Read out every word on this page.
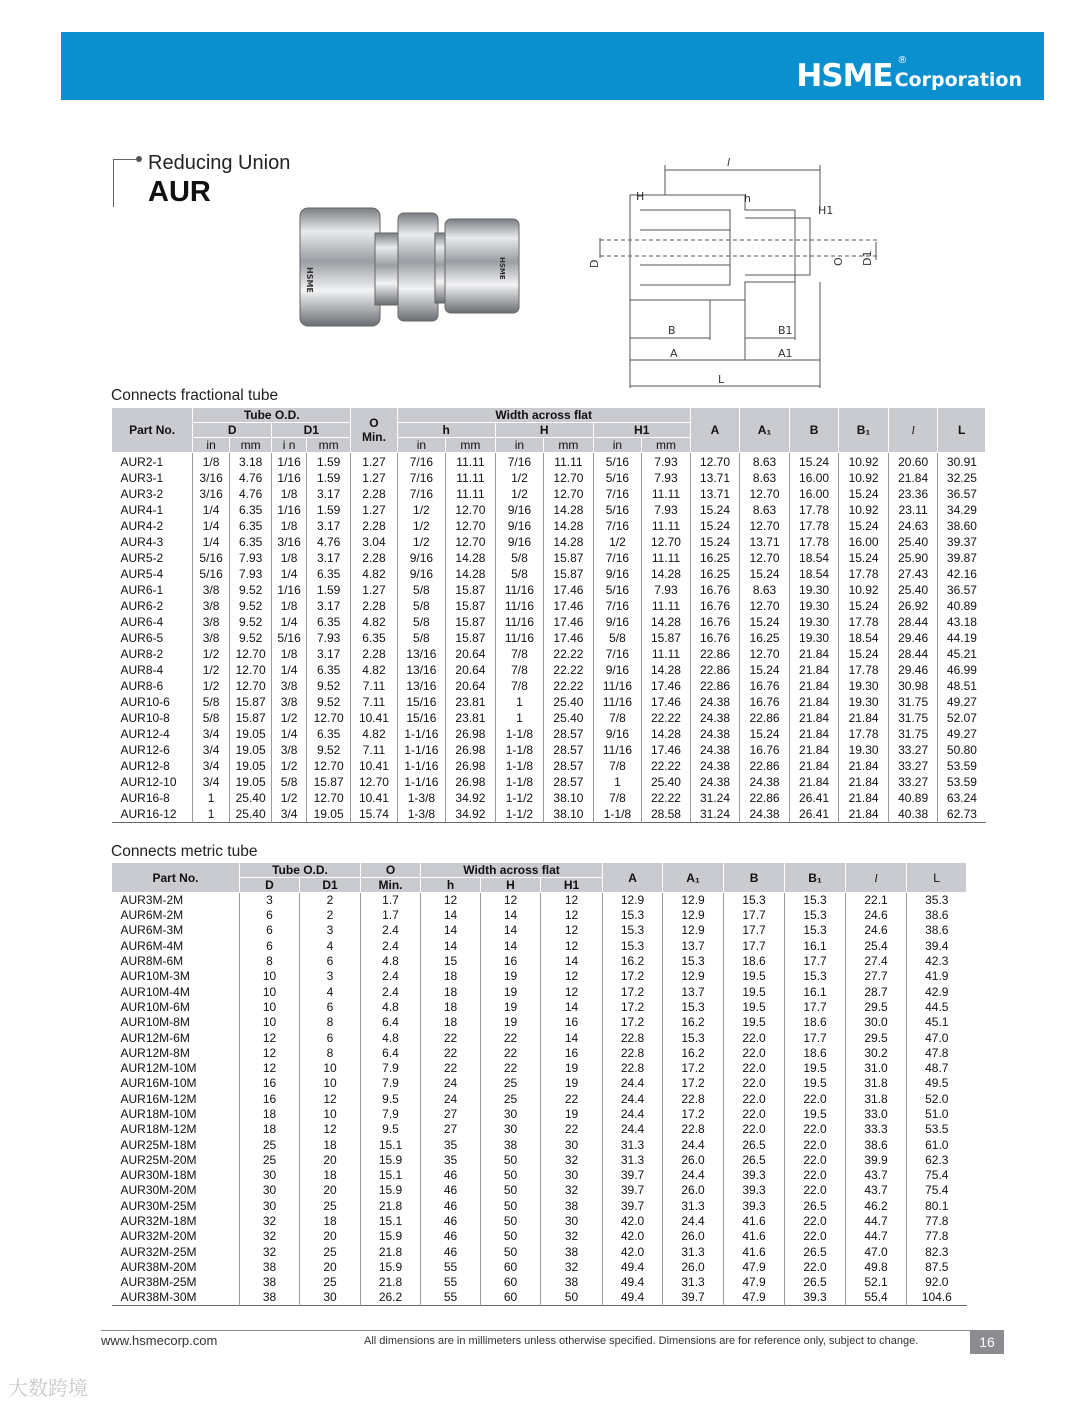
HSME ®
Corporation
Reducing Union
AUR
HSME	HSME
l
H	h
H1
D	O D1
B	B1
A	A1
L
Connects fractional tube
Part No.	Tube O.D.				O
Min.	Width across flat						A	A₁	B	B₁	l	L
	D		D1			h		H		H1							
	in	mm	i n	mm		in	mm	in	mm	in	mm						
AUR2-1	1/8	3.18	1/16	1.59	1.27	7/16	11.11	7/16	11.11	5/16	7.93	12.70	8.63	15.24	10.92	20.60	30.91
AUR3-1	3/16	4.76	1/16	1.59	1.27	7/16	11.11	1/2	12.70	5/16	7.93	13.71	8.63	16.00	10.92	21.84	32.25
AUR3-2	3/16	4.76	1/8	3.17	2.28	7/16	11.11	1/2	12.70	7/16	11.11	13.71	12.70	16.00	15.24	23.36	36.57
AUR4-1	1/4	6.35	1/16	1.59	1.27	1/2	12.70	9/16	14.28	5/16	7.93	15.24	8.63	17.78	10.92	23.11	34.29
AUR4-2	1/4	6.35	1/8	3.17	2.28	1/2	12.70	9/16	14.28	7/16	11.11	15.24	12.70	17.78	15.24	24.63	38.60
AUR4-3	1/4	6.35	3/16	4.76	3.04	1/2	12.70	9/16	14.28	1/2	12.70	15.24	13.71	17.78	16.00	25.40	39.37
AUR5-2	5/16	7.93	1/8	3.17	2.28	9/16	14.28	5/8	15.87	7/16	11.11	16.25	12.70	18.54	15.24	25.90	39.87
AUR5-4	5/16	7.93	1/4	6.35	4.82	9/16	14.28	5/8	15.87	9/16	14.28	16.25	15.24	18.54	17.78	27.43	42.16
AUR6-1	3/8	9.52	1/16	1.59	1.27	5/8	15.87	11/16	17.46	5/16	7.93	16.76	8.63	19.30	10.92	25.40	36.57
AUR6-2	3/8	9.52	1/8	3.17	2.28	5/8	15.87	11/16	17.46	7/16	11.11	16.76	12.70	19.30	15.24	26.92	40.89
AUR6-4	3/8	9.52	1/4	6.35	4.82	5/8	15.87	11/16	17.46	9/16	14.28	16.76	15.24	19.30	17.78	28.44	43.18
AUR6-5	3/8	9.52	5/16	7.93	6.35	5/8	15.87	11/16	17.46	5/8	15.87	16.76	16.25	19.30	18.54	29.46	44.19
AUR8-2	1/2	12.70	1/8	3.17	2.28	13/16	20.64	7/8	22.22	7/16	11.11	22.86	12.70	21.84	15.24	28.44	45.21
AUR8-4	1/2	12.70	1/4	6.35	4.82	13/16	20.64	7/8	22.22	9/16	14.28	22.86	15.24	21.84	17.78	29.46	46.99
AUR8-6	1/2	12.70	3/8	9.52	7.11	13/16	20.64	7/8	22.22	11/16	17.46	22.86	16.76	21.84	19.30	30.98	48.51
AUR10-6	5/8	15.87	3/8	9.52	7.11	15/16	23.81	1	25.40	11/16	17.46	24.38	16.76	21.84	19.30	31.75	49.27
AUR10-8	5/8	15.87	1/2	12.70	10.41	15/16	23.81	1	25.40	7/8	22.22	24.38	22.86	21.84	21.84	31.75	52.07
AUR12-4	3/4	19.05	1/4	6.35	4.82	1-1/16	26.98	1-1/8	28.57	9/16	14.28	24.38	15.24	21.84	17.78	31.75	49.27
AUR12-6	3/4	19.05	3/8	9.52	7.11	1-1/16	26.98	1-1/8	28.57	11/16	17.46	24.38	16.76	21.84	19.30	33.27	50.80
AUR12-8	3/4	19.05	1/2	12.70	10.41	1-1/16	26.98	1-1/8	28.57	7/8	22.22	24.38	22.86	21.84	21.84	33.27	53.59
AUR12-10	3/4	19.05	5/8	15.87	12.70	1-1/16	26.98	1-1/8	28.57	1	25.40	24.38	24.38	21.84	21.84	33.27	53.59
AUR16-8	1	25.40	1/2	12.70	10.41	1-3/8	34.92	1-1/2	38.10	7/8	22.22	31.24	22.86	26.41	21.84	40.89	63.24
AUR16-12	1	25.40	3/4	19.05	15.74	1-3/8	34.92	1-1/2	38.10	1-1/8	28.58	31.24	24.38	26.41	21.84	40.38	62.73
Connects metric tube
Part No.	Tube O.D.		O	Width across flat			A	A₁	B	B₁	l	L
	D	D1	Min.	h	H	H1						
AUR3M-2M	3	2	1.7	12	12	12	12.9	12.9	15.3	15.3	22.1	35.3
AUR6M-2M	6	2	1.7	14	14	12	15.3	12.9	17.7	15.3	24.6	38.6
AUR6M-3M	6	3	2.4	14	14	12	15.3	12.9	17.7	15.3	24.6	38.6
AUR6M-4M	6	4	2.4	14	14	12	15.3	13.7	17.7	16.1	25.4	39.4
AUR8M-6M	8	6	4.8	15	16	14	16.2	15.3	18.6	17.7	27.4	42.3
AUR10M-3M	10	3	2.4	18	19	12	17.2	12.9	19.5	15.3	27.7	41.9
AUR10M-4M	10	4	2.4	18	19	12	17.2	13.7	19.5	16.1	28.7	42.9
AUR10M-6M	10	6	4.8	18	19	14	17.2	15.3	19.5	17.7	29.5	44.5
AUR10M-8M	10	8	6.4	18	19	16	17.2	16.2	19.5	18.6	30.0	45.1
AUR12M-6M	12	6	4.8	22	22	14	22.8	15.3	22.0	17.7	29.5	47.0
AUR12M-8M	12	8	6.4	22	22	16	22.8	16.2	22.0	18.6	30.2	47.8
AUR12M-10M	12	10	7.9	22	22	19	22.8	17.2	22.0	19.5	31.0	48.7
AUR16M-10M	16	10	7.9	24	25	19	24.4	17.2	22.0	19.5	31.8	49.5
AUR16M-12M	16	12	9.5	24	25	22	24.4	22.8	22.0	22.0	31.8	52.0
AUR18M-10M	18	10	7.9	27	30	19	24.4	17.2	22.0	19.5	33.0	51.0
AUR18M-12M	18	12	9.5	27	30	22	24.4	22.8	22.0	22.0	33.3	53.5
AUR25M-18M	25	18	15.1	35	38	30	31.3	24.4	26.5	22.0	38.6	61.0
AUR25M-20M	25	20	15.9	35	50	32	31.3	26.0	26.5	22.0	39.9	62.3
AUR30M-18M	30	18	15.1	46	50	30	39.7	24.4	39.3	22.0	43.7	75.4
AUR30M-20M	30	20	15.9	46	50	32	39.7	26.0	39.3	22.0	43.7	75.4
AUR30M-25M	30	25	21.8	46	50	38	39.7	31.3	39.3	26.5	46.2	80.1
AUR32M-18M	32	18	15.1	46	50	30	42.0	24.4	41.6	22.0	44.7	77.8
AUR32M-20M	32	20	15.9	46	50	32	42.0	26.0	41.6	22.0	44.7	77.8
AUR32M-25M	32	25	21.8	46	50	38	42.0	31.3	41.6	26.5	47.0	82.3
AUR38M-20M	38	20	15.9	55	60	32	49.4	26.0	47.9	22.0	49.8	87.5
AUR38M-25M	38	25	21.8	55	60	38	49.4	31.3	47.9	26.5	52.1	92.0
AUR38M-30M	38	30	26.2	55	60	50	49.4	39.7	47.9	39.3	55.4	104.6
www.hsmecorp.com	All dimensions are in millimeters unless otherwise specified. Dimensions are for reference only, subject to change.	16
大数跨境
